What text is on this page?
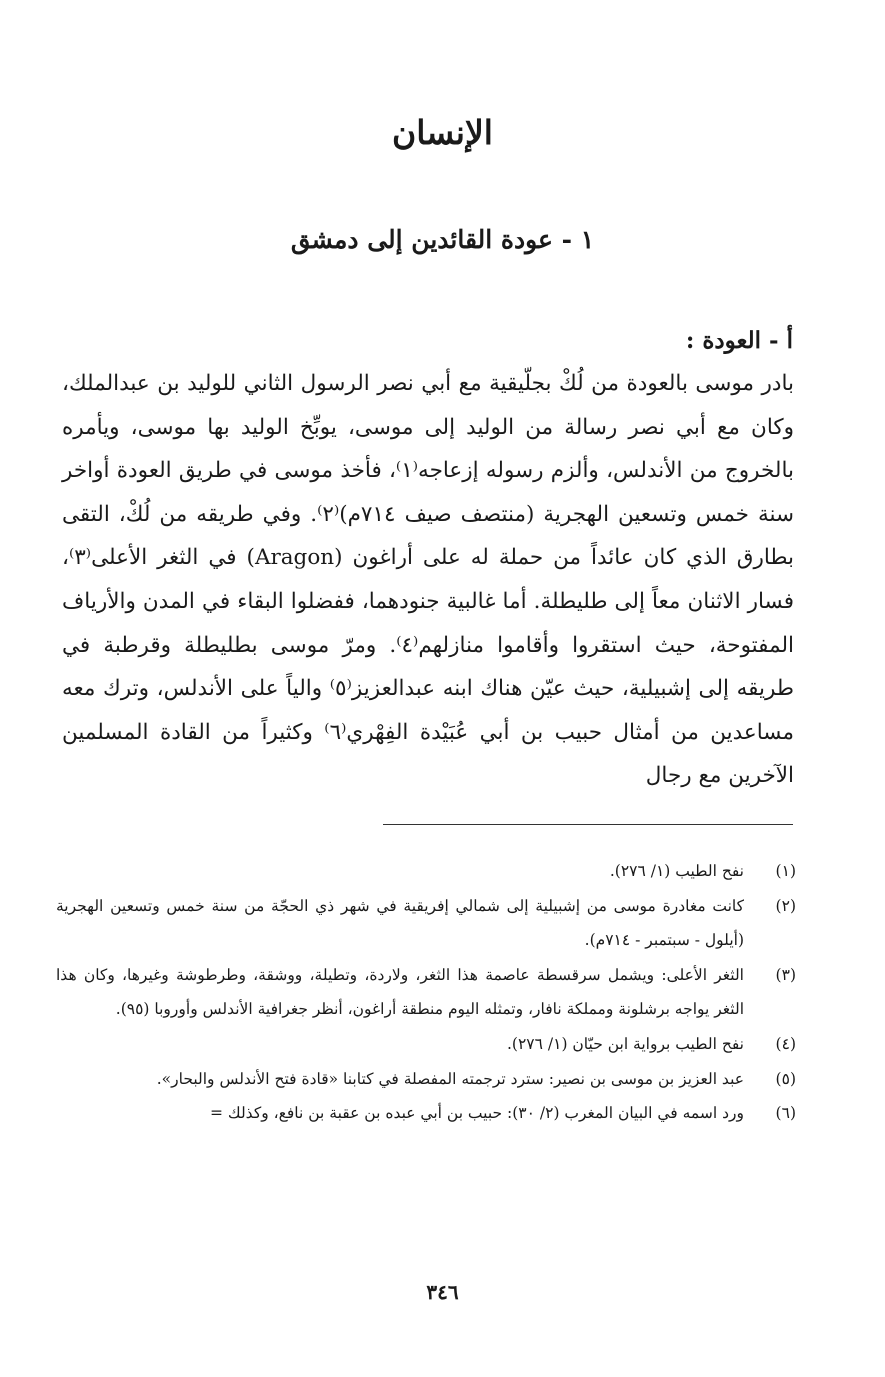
الإنسان
١ - عودة القائدين إلى دمشق
أ - العودة :

بادر موسى بالعودة من لُكْ بجلّيقية مع أبي نصر الرسول الثاني للوليد بن عبدالملك، وكان مع أبي نصر رسالة من الوليد إلى موسى، يوبِّخ الوليد بها موسى، ويأمره بالخروج من الأندلس، وألزم رسوله إزعاجه⁽١⁾، فأخذ موسى في طريق العودة أواخر سنة خمس وتسعين الهجرية (منتصف صيف ٧١٤م)⁽٢⁾. وفي طريقه من لُكْ، التقى بطارق الذي كان عائداً من حملة له على أراغون (Aragon) في الثغر الأعلى⁽٣⁾، فسار الاثنان معاً إلى طليطلة. أما غالبية جنودهما، ففضلوا البقاء في المدن والأرياف المفتوحة، حيث استقروا وأقاموا منازلهم⁽٤⁾. ومرّ موسى بطليطلة وقرطبة في طريقه إلى إشبيلية، حيث عيّن هناك ابنه عبدالعزيز⁽٥⁾ والياً على الأندلس، وترك معه مساعدين من أمثال حبيب بن أبي عُبَيْدة الفِهْري⁽٦⁾ وكثيراً من القادة المسلمين الآخرين مع رجال

(١)
نفح الطيب (١/ ٢٧٦).
(٢)
كانت مغادرة موسى من إشبيلية إلى شمالي إفريقية في شهر ذي الحجّة من سنة خمس وتسعين الهجرية (أيلول - سبتمبر - ٧١٤م).
(٣)
الثغر الأعلى: ويشمل سرقسطة عاصمة هذا الثغر، ولاردة، وتطيلة، ووشقة، وطرطوشة وغيرها، وكان هذا الثغر يواجه برشلونة ومملكة نافار، وتمثله اليوم منطقة أراغون، أنظر جغرافية الأندلس وأوروبا (٩٥).
(٤)
نفح الطيب برواية ابن حيّان (١/ ٢٧٦).
(٥)
عبد العزيز بن موسى بن نصير: سترد ترجمته المفصلة في كتابنا «قادة فتح الأندلس والبحار».
(٦)
ورد اسمه في البيان المغرب (٢/ ٣٠): حبيب بن أبي عبده بن عقبة بن نافع، وكذلك =
٣٤٦
